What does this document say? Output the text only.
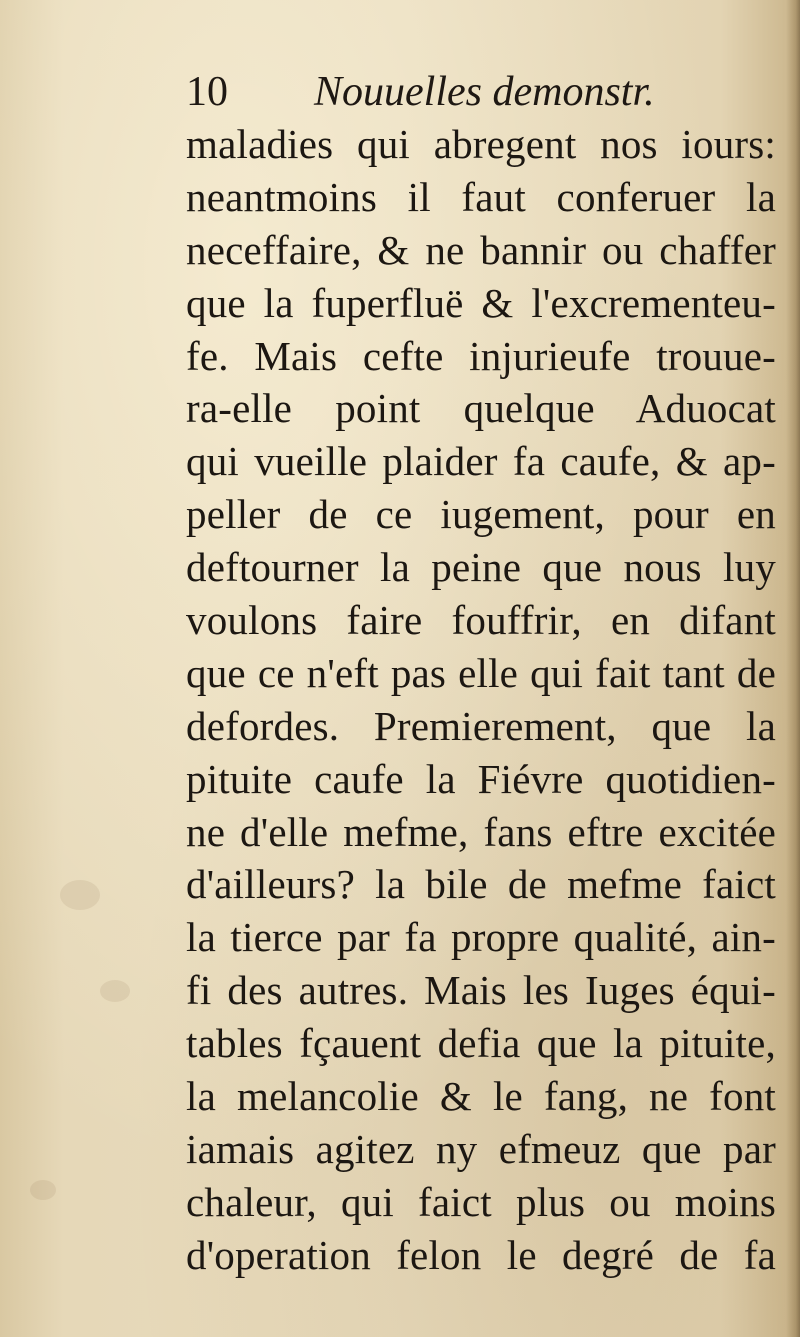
10 Nouuelles demonstr.
maladies qui abregent nos iours:
neantmoins il faut conferuer la
neceffaire, & ne bannir ou chaffer
que la fuperfluë & l'excrementeu-
fe. Mais cefte injurieufe trouue-
ra-elle point quelque Aduocat
qui vueille plaider fa caufe, & ap-
peller de ce iugement, pour en
deftourner la peine que nous luy
voulons faire fouffrir, en difant
que ce n'eft pas elle qui fait tant de
defordes. Premierement, que la
pituite caufe la Fiévre quotidien-
ne d'elle mefme, fans eftre excitée
d'ailleurs? la bile de mefme faict
la tierce par fa propre qualité, ain-
fi des autres. Mais les Iuges équi-
tables fçauent defia que la pituite,
la melancolie & le fang, ne font
iamais agitez ny efmeuz que par
chaleur, qui faict plus ou moins
d'operation felon le degré de fa
